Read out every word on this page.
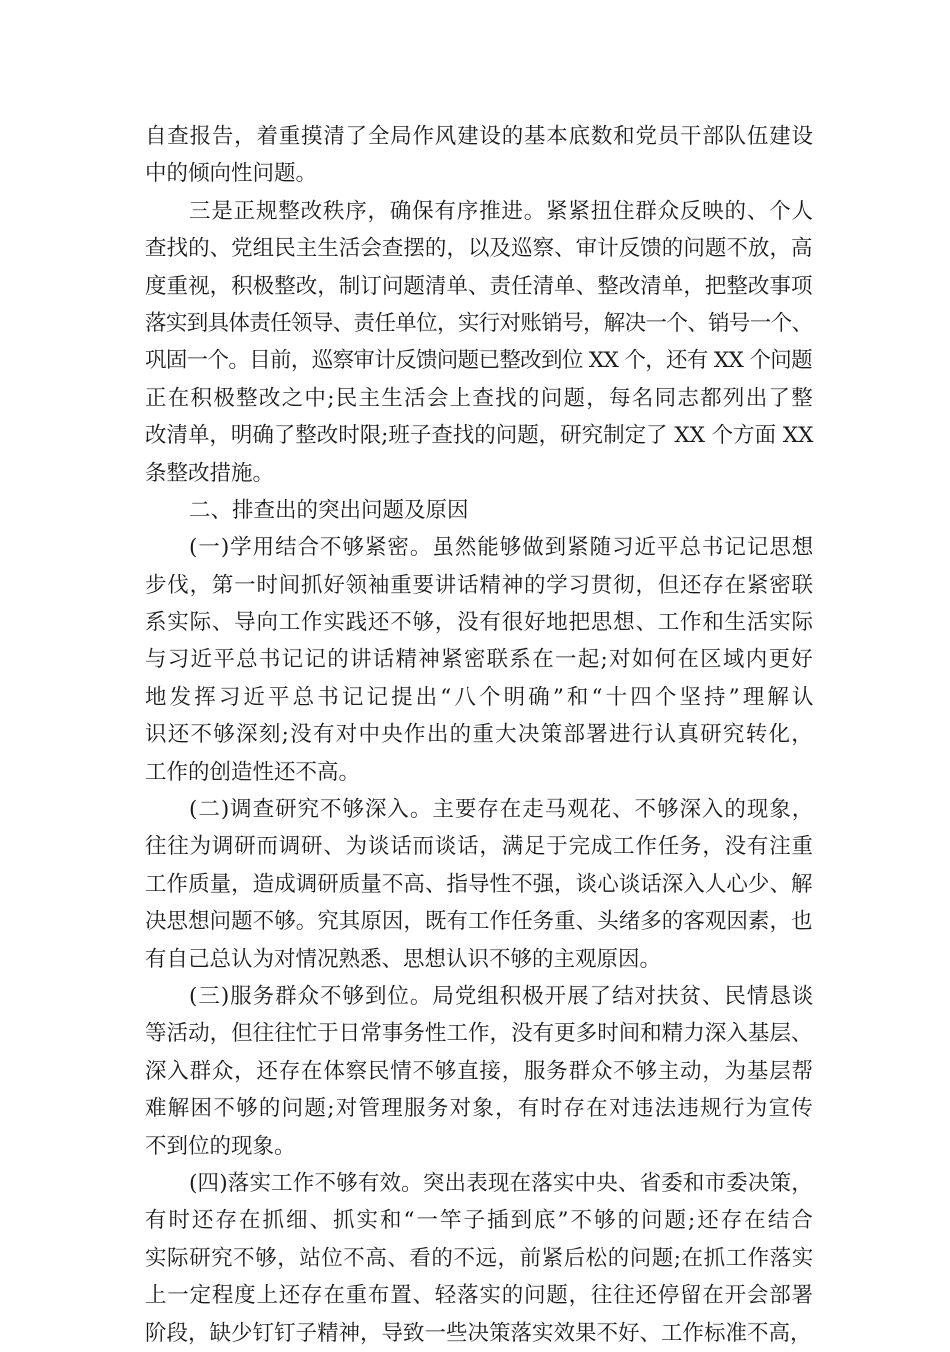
自查报告，着重摸清了全局作风建设的基本底数和党员干部队伍建设
中的倾向性问题。
三是正规整改秩序，确保有序推进。紧紧扭住群众反映的、个人
查找的、党组民主生活会查摆的，以及巡察、审计反馈的问题不放，高
度重视，积极整改，制订问题清单、责任清单、整改清单，把整改事项
落实到具体责任领导、责任单位，实行对账销号，解决一个、销号一个、
巩固一个。目前，巡察审计反馈问题已整改到位 XX 个，还有 XX 个问题
正在积极整改之中;民主生活会上查找的问题，每名同志都列出了整
改清单，明确了整改时限;班子查找的问题，研究制定了 XX 个方面 XX
条整改措施。
二、排查出的突出问题及原因
(一)学用结合不够紧密。虽然能够做到紧随习近平总书记记思想
步伐，第一时间抓好领袖重要讲话精神的学习贯彻，但还存在紧密联
系实际、导向工作实践还不够，没有很好地把思想、工作和生活实际
与习近平总书记记的讲话精神紧密联系在一起;对如何在区域内更好
地发挥习近平总书记记提出“八个明确”和“十四个坚持”理解认
识还不够深刻;没有对中央作出的重大决策部署进行认真研究转化，
工作的创造性还不高。
(二)调查研究不够深入。主要存在走马观花、不够深入的现象，
往往为调研而调研、为谈话而谈话，满足于完成工作任务，没有注重
工作质量，造成调研质量不高、指导性不强，谈心谈话深入人心少、解
决思想问题不够。究其原因，既有工作任务重、头绪多的客观因素，也
有自己总认为对情况熟悉、思想认识不够的主观原因。
(三)服务群众不够到位。局党组积极开展了结对扶贫、民情恳谈
等活动，但往往忙于日常事务性工作，没有更多时间和精力深入基层、
深入群众，还存在体察民情不够直接，服务群众不够主动，为基层帮
难解困不够的问题;对管理服务对象，有时存在对违法违规行为宣传
不到位的现象。
(四)落实工作不够有效。突出表现在落实中央、省委和市委决策，
有时还存在抓细、抓实和“一竿子插到底”不够的问题;还存在结合
实际研究不够，站位不高、看的不远，前紧后松的问题;在抓工作落实
上一定程度上还存在重布置、轻落实的问题，往往还停留在开会部署
阶段，缺少钉钉子精神，导致一些决策落实效果不好、工作标准不高，
